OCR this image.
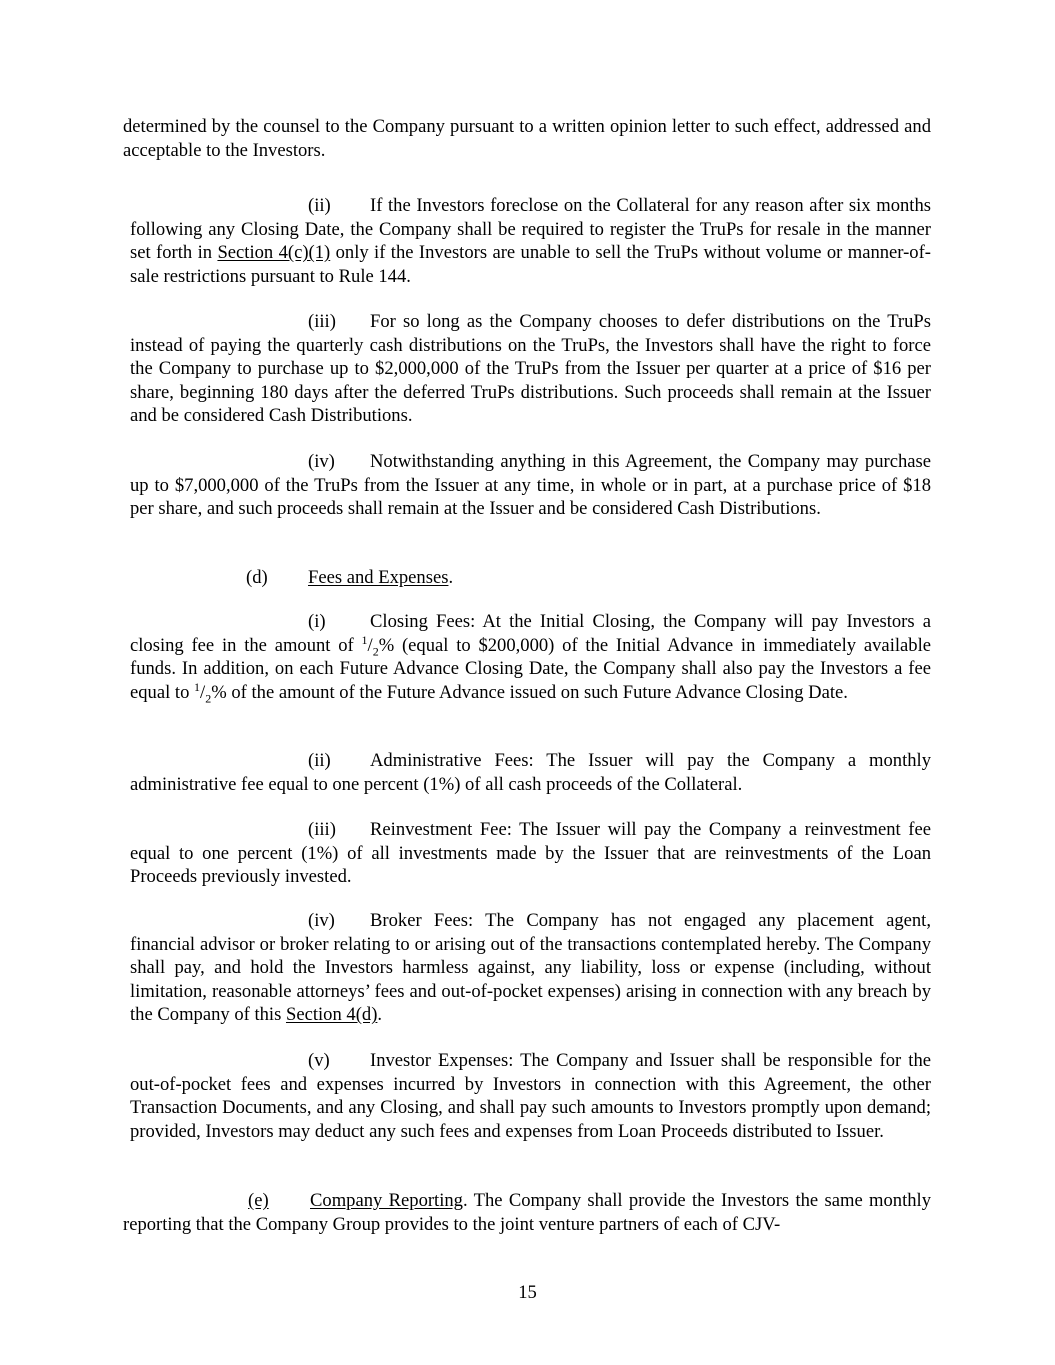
determined by the counsel to the Company pursuant to a written opinion letter to such effect, addressed and acceptable to the Investors.

(ii) If the Investors foreclose on the Collateral for any reason after six months following any Closing Date, the Company shall be required to register the TruPs for resale in the manner set forth in Section 4(c)(1) only if the Investors are unable to sell the TruPs without volume or manner-of-sale restrictions pursuant to Rule 144.

(iii) For so long as the Company chooses to defer distributions on the TruPs instead of paying the quarterly cash distributions on the TruPs, the Investors shall have the right to force the Company to purchase up to $2,000,000 of the TruPs from the Issuer per quarter at a price of $16 per share, beginning 180 days after the deferred TruPs distributions. Such proceeds shall remain at the Issuer and be considered Cash Distributions.

(iv) Notwithstanding anything in this Agreement, the Company may purchase up to $7,000,000 of the TruPs from the Issuer at any time, in whole or in part, at a purchase price of $18 per share, and such proceeds shall remain at the Issuer and be considered Cash Distributions.

(d) Fees and Expenses.

(i) Closing Fees: At the Initial Closing, the Company will pay Investors a closing fee in the amount of $^1/_2\%$ (equal to $200,000) of the Initial Advance in immediately available funds. In addition, on each Future Advance Closing Date, the Company shall also pay the Investors a fee equal to $^1/_2\%$ of the amount of the Future Advance issued on such Future Advance Closing Date.

(ii) Administrative Fees: The Issuer will pay the Company a monthly administrative fee equal to one percent (1%) of all cash proceeds of the Collateral.

(iii) Reinvestment Fee: The Issuer will pay the Company a reinvestment fee equal to one percent (1%) of all investments made by the Issuer that are reinvestments of the Loan Proceeds previously invested.

(iv) Broker Fees: The Company has not engaged any placement agent, financial advisor or broker relating to or arising out of the transactions contemplated hereby. The Company shall pay, and hold the Investors harmless against, any liability, loss or expense (including, without limitation, reasonable attorneys’ fees and out-of-pocket expenses) arising in connection with any breach by the Company of this Section 4(d).

(v) Investor Expenses: The Company and Issuer shall be responsible for the out-of-pocket fees and expenses incurred by Investors in connection with this Agreement, the other Transaction Documents, and any Closing, and shall pay such amounts to Investors promptly upon demand; provided, Investors may deduct any such fees and expenses from Loan Proceeds distributed to Issuer.

(e) Company Reporting. The Company shall provide the Investors the same monthly reporting that the Company Group provides to the joint venture partners of each of CJV-

15
